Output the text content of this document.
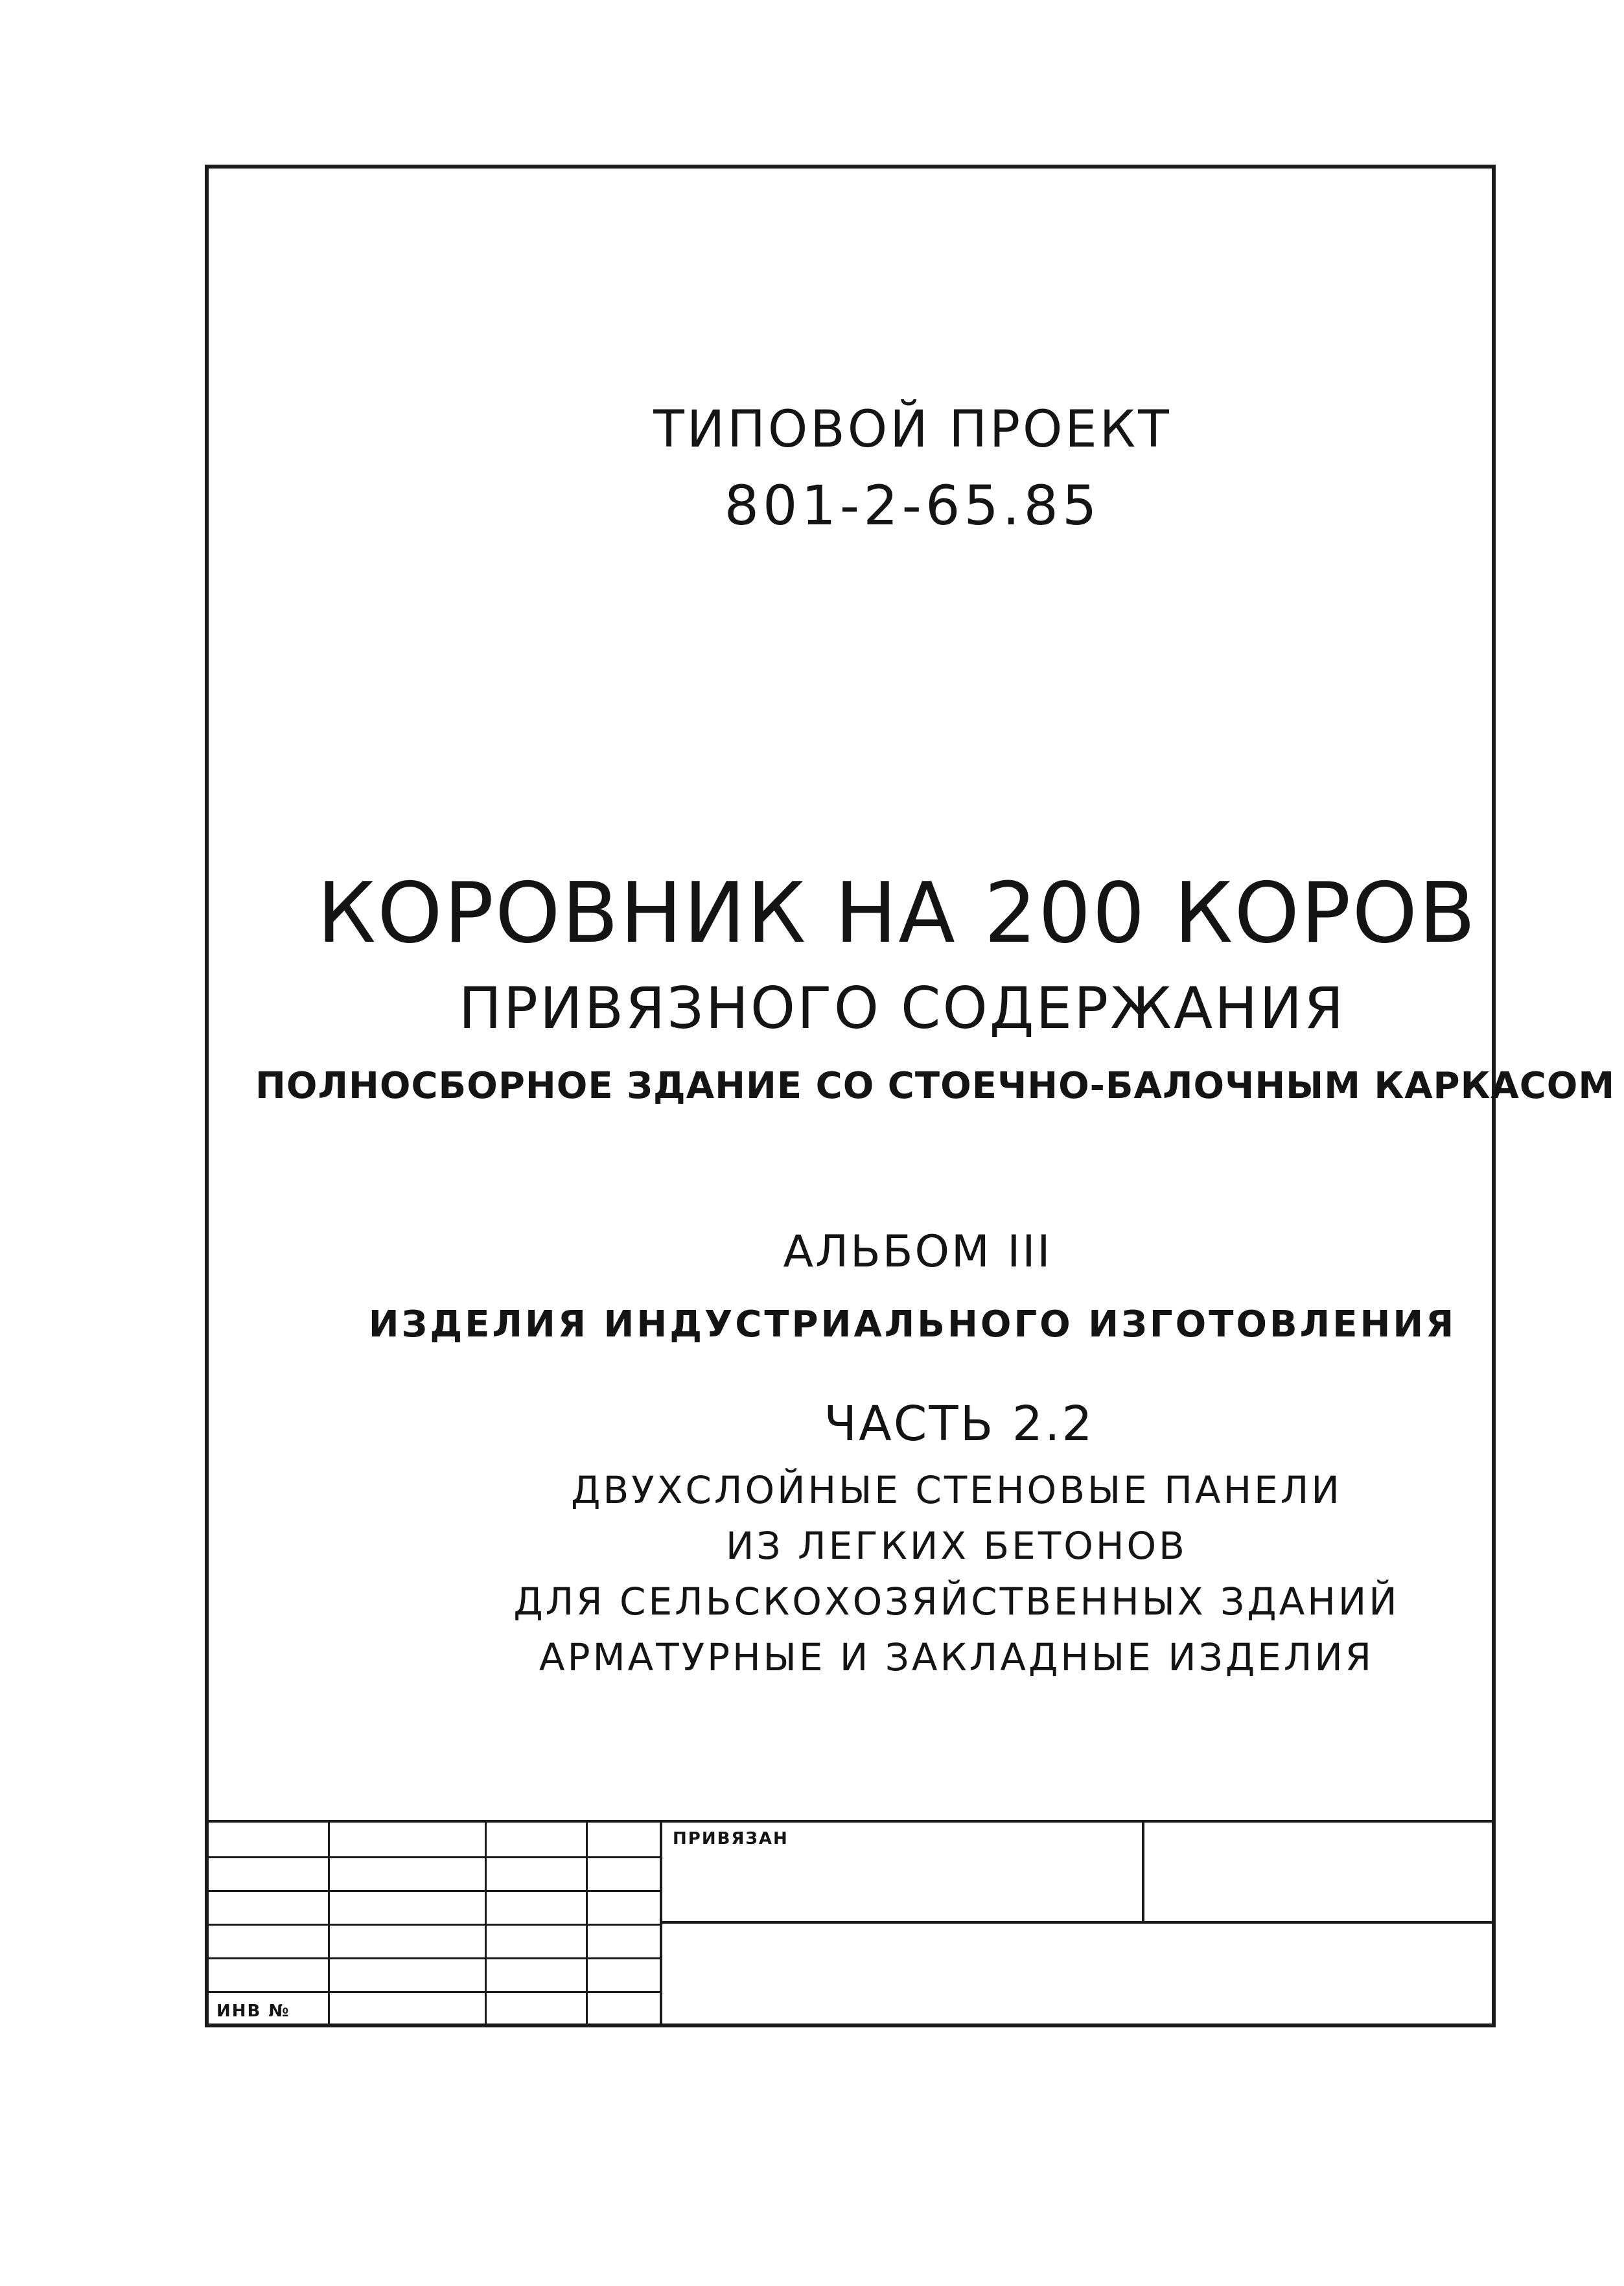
ТИПОВОЙ ПРОЕКТ
801-2-65.85
КОРОВНИК НА 200 КОРОВ
ПРИВЯЗНОГО СОДЕРЖАНИЯ
ПОЛНОСБОРНОЕ ЗДАНИЕ СО СТОЕЧНО-БАЛОЧНЫМ КАРКАСОМ
АЛЬБОМ III
ИЗДЕЛИЯ ИНДУСТРИАЛЬНОГО ИЗГОТОВЛЕНИЯ
ЧАСТЬ 2.2
ДВУХСЛОЙНЫЕ СТЕНОВЫЕ ПАНЕЛИ
ИЗ ЛЕГКИХ БЕТОНОВ
ДЛЯ СЕЛЬСКОХОЗЯЙСТВЕННЫХ ЗДАНИЙ
АРМАТУРНЫЕ И ЗАКЛАДНЫЕ ИЗДЕЛИЯ
ИНВ №
ПРИВЯЗАН
